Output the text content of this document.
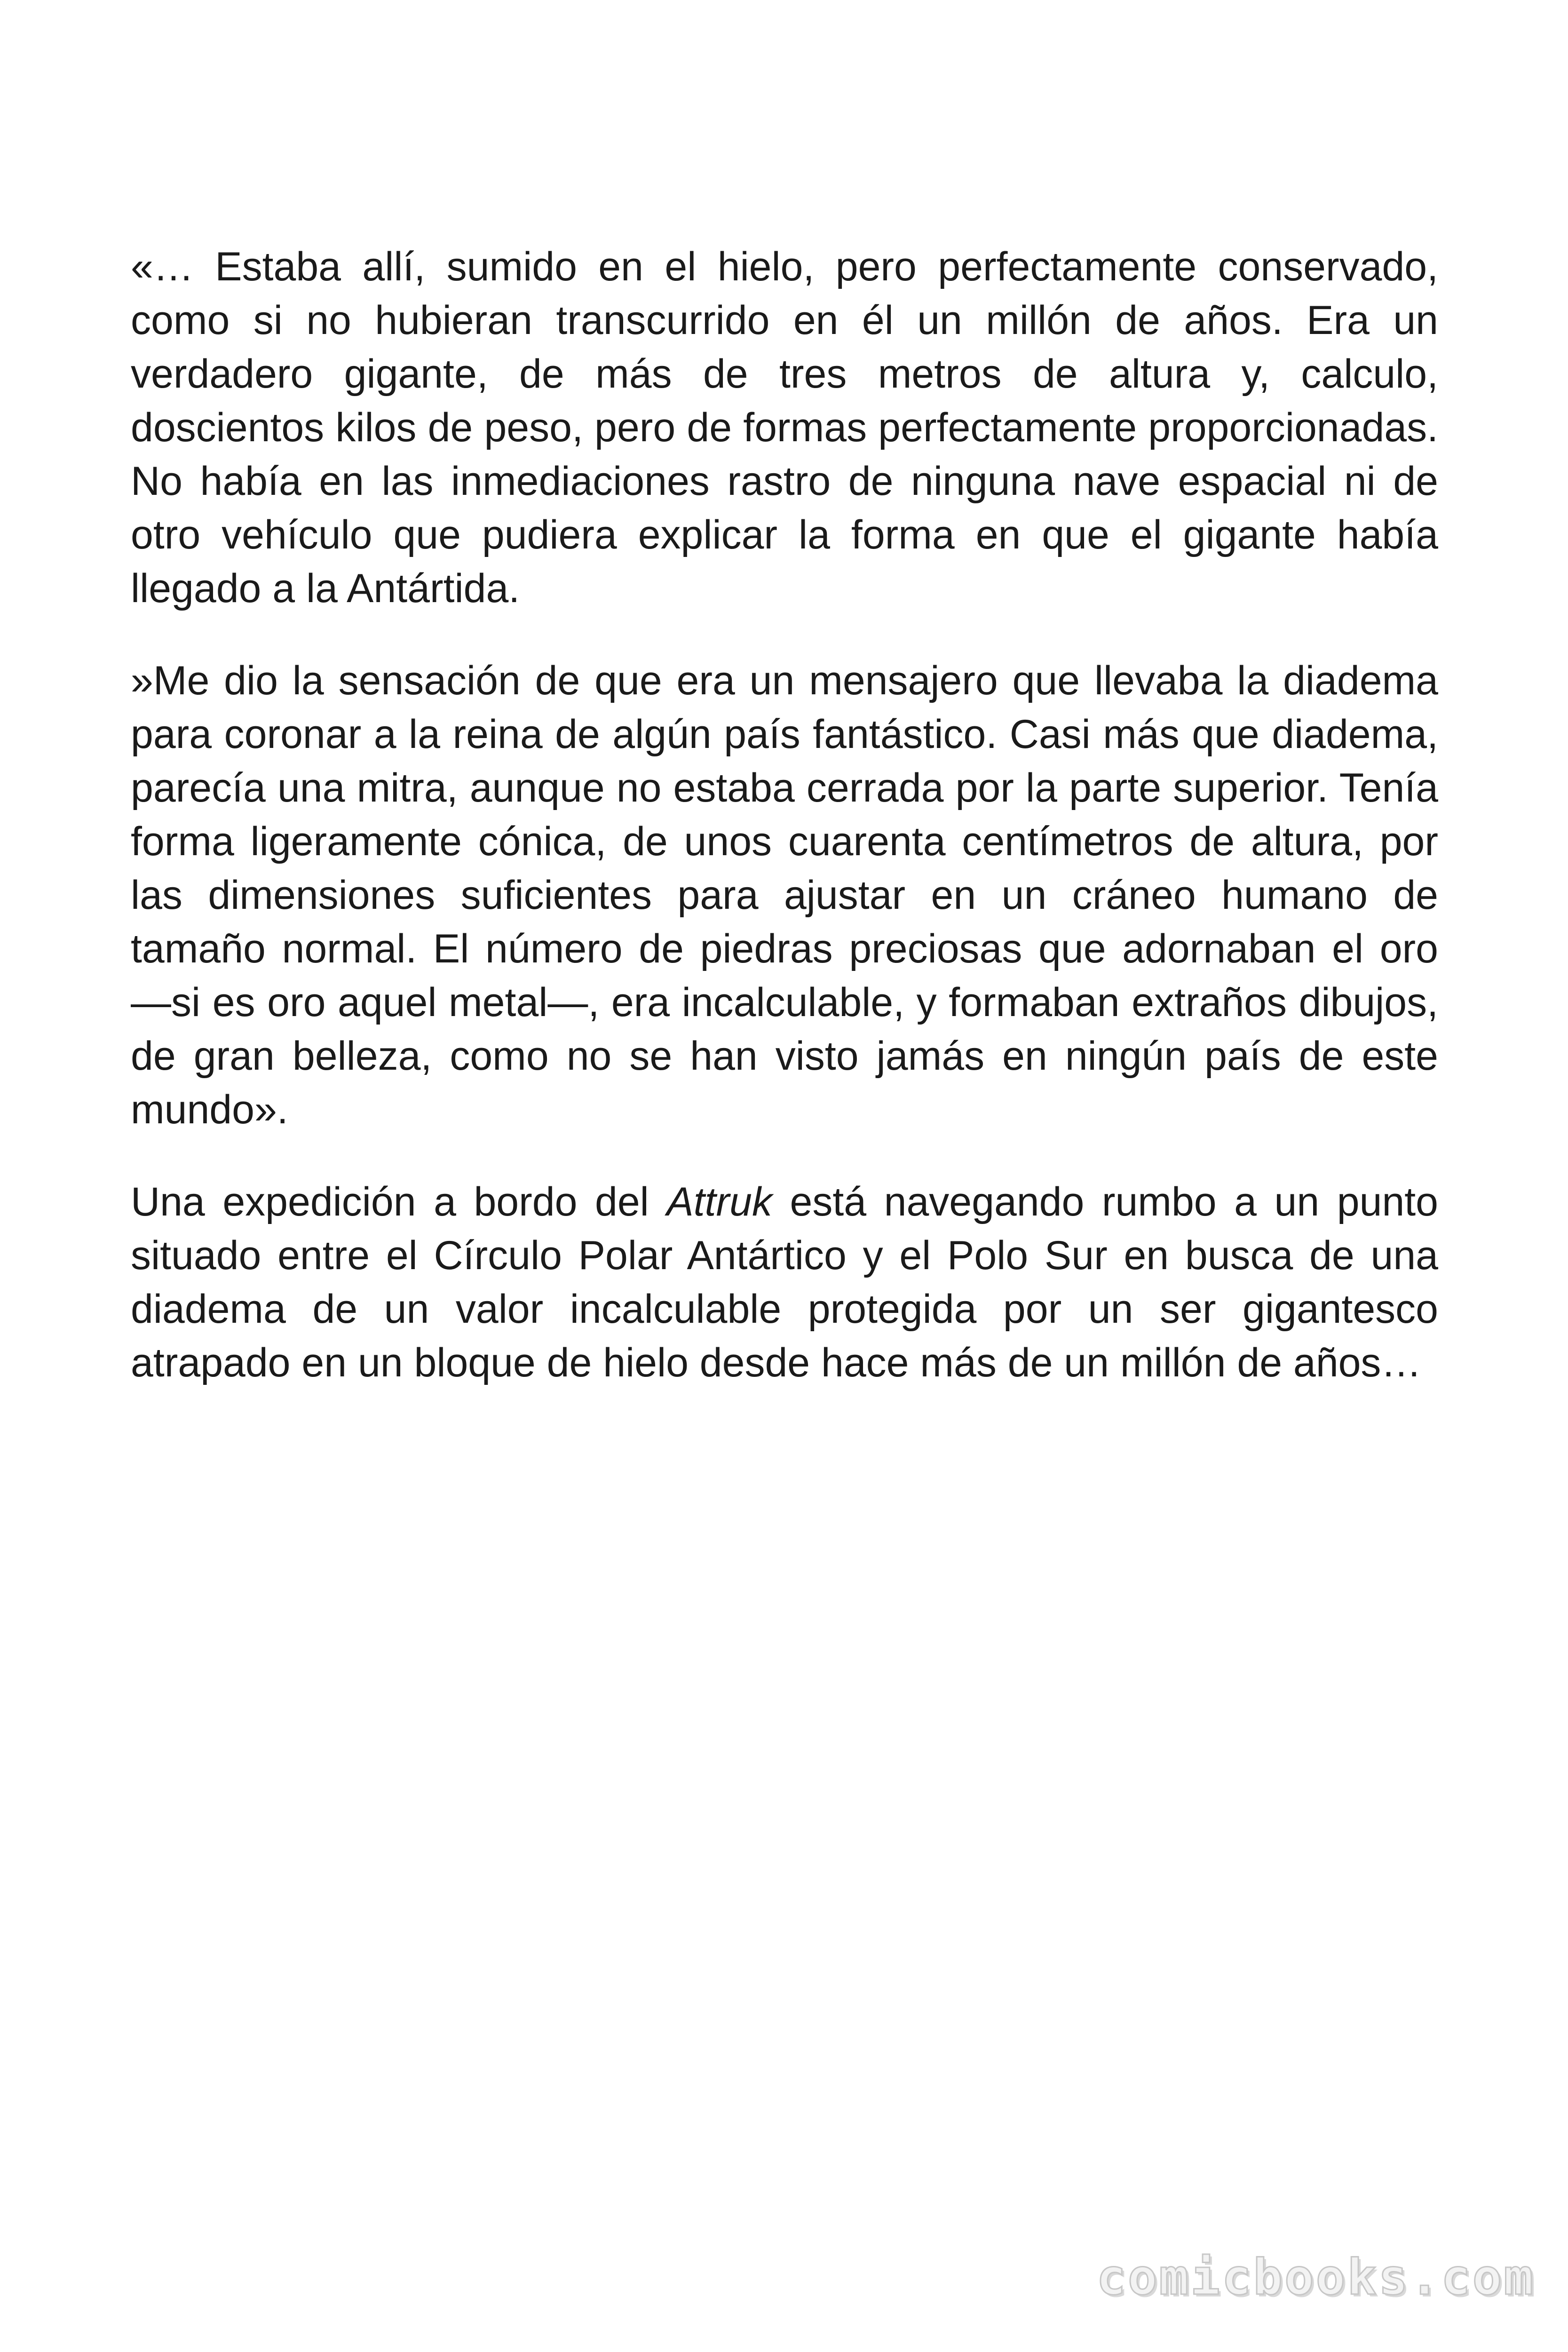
«… Estaba allí, sumido en el hielo, pero perfectamente conservado, como si no hubieran transcurrido en él un millón de años. Era un verdadero gigante, de más de tres metros de altura y, calculo, doscientos kilos de peso, pero de formas perfectamente proporcionadas. No había en las inmediaciones rastro de ninguna nave espacial ni de otro vehículo que pudiera explicar la forma en que el gigante había llegado a la Antártida.

»Me dio la sensación de que era un mensajero que llevaba la diadema para coronar a la reina de algún país fantástico. Casi más que diadema, parecía una mitra, aunque no estaba cerrada por la parte superior. Tenía forma ligeramente cónica, de unos cuarenta centímetros de altura, por las dimensiones suficientes para ajustar en un cráneo humano de tamaño normal. El número de piedras preciosas que adornaban el oro —si es oro aquel metal—, era incalculable, y formaban extraños dibujos, de gran belleza, como no se han visto jamás en ningún país de este mundo».

Una expedición a bordo del Attruk está navegando rumbo a un punto situado entre el Círculo Polar Antártico y el Polo Sur en busca de una diadema de un valor incalculable protegida por un ser gigantesco atrapado en un bloque de hielo desde hace más de un millón de años…

comicbooks.com
